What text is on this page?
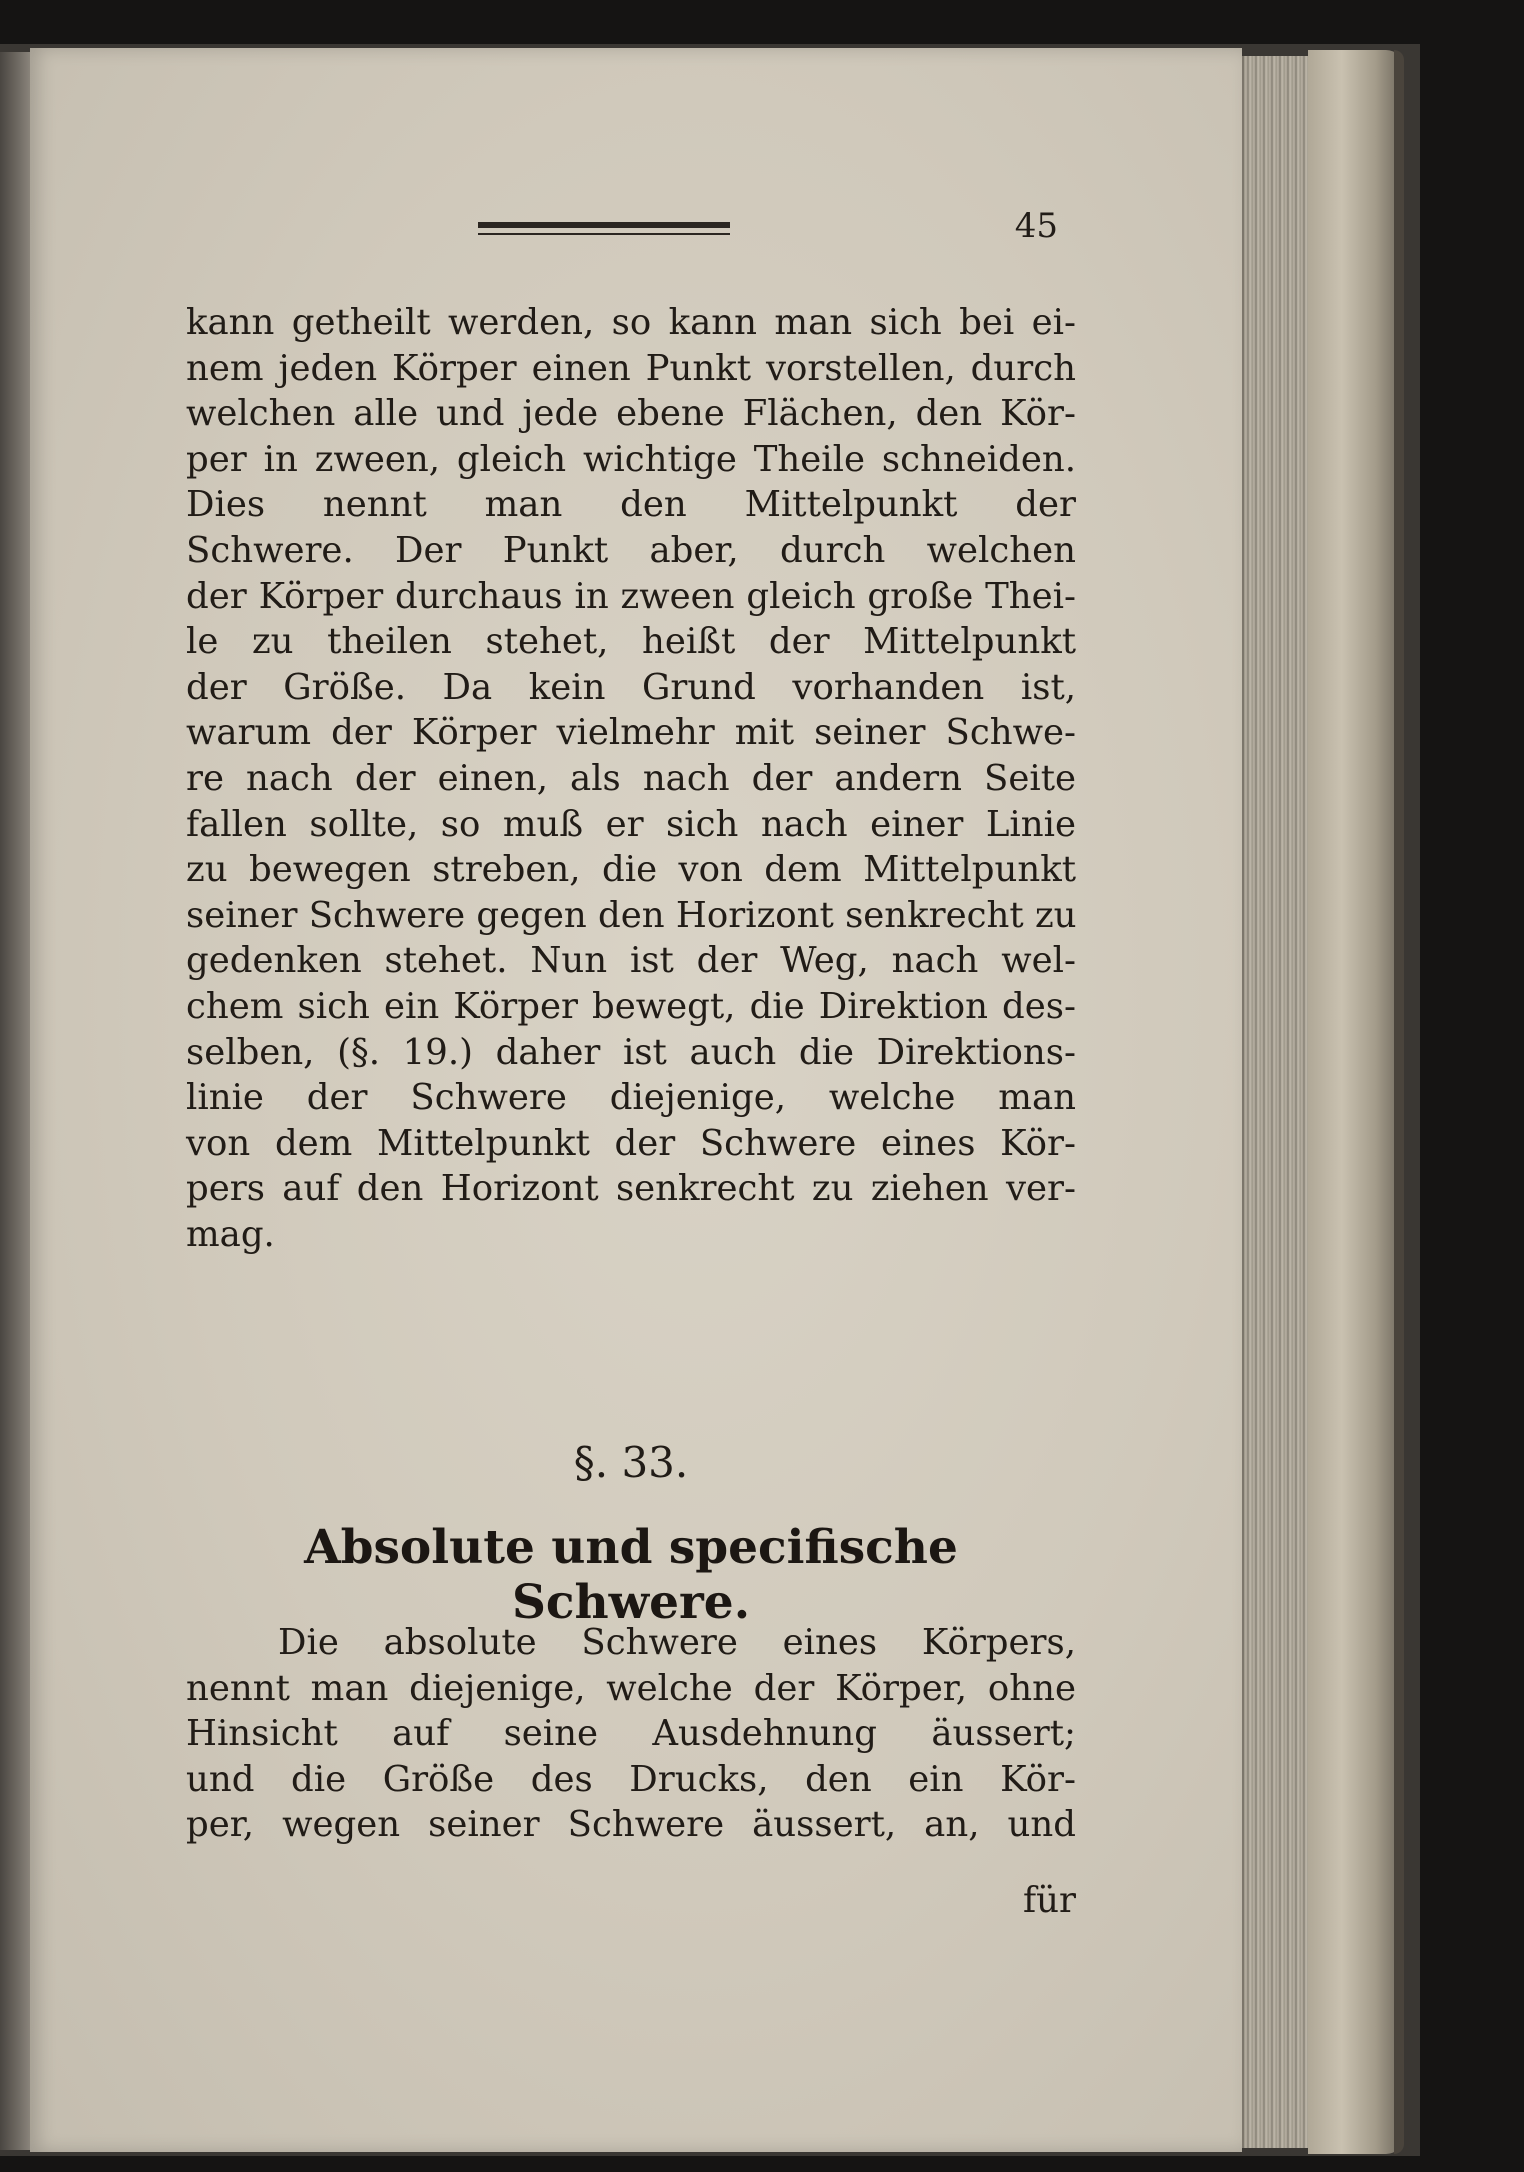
45
kann getheilt werden, so kann man sich bei ei-
nem jeden Körper einen Punkt vorstellen, durch
welchen alle und jede ebene Flächen, den Kör-
per in zween, gleich wichtige Theile schneiden.
Dies nennt man den Mittelpunkt der
Schwere. Der Punkt aber, durch welchen
der Körper durchaus in zween gleich große Thei-
le zu theilen stehet, heißt der Mittelpunkt
der Größe. Da kein Grund vorhanden ist,
warum der Körper vielmehr mit seiner Schwe-
re nach der einen, als nach der andern Seite
fallen sollte, so muß er sich nach einer Linie
zu bewegen streben, die von dem Mittelpunkt
seiner Schwere gegen den Horizont senkrecht zu
gedenken stehet. Nun ist der Weg, nach wel-
chem sich ein Körper bewegt, die Direktion des-
selben, (§. 19.) daher ist auch die Direktions-
linie der Schwere diejenige, welche man
von dem Mittelpunkt der Schwere eines Kör-
pers auf den Horizont senkrecht zu ziehen ver-
mag.
§. 33.
Absolute und specifische Schwere.
Die absolute Schwere eines Körpers,
nennt man diejenige, welche der Körper, ohne
Hinsicht auf seine Ausdehnung äussert;
und die Größe des Drucks, den ein Kör-
per, wegen seiner Schwere äussert, an, und
für
